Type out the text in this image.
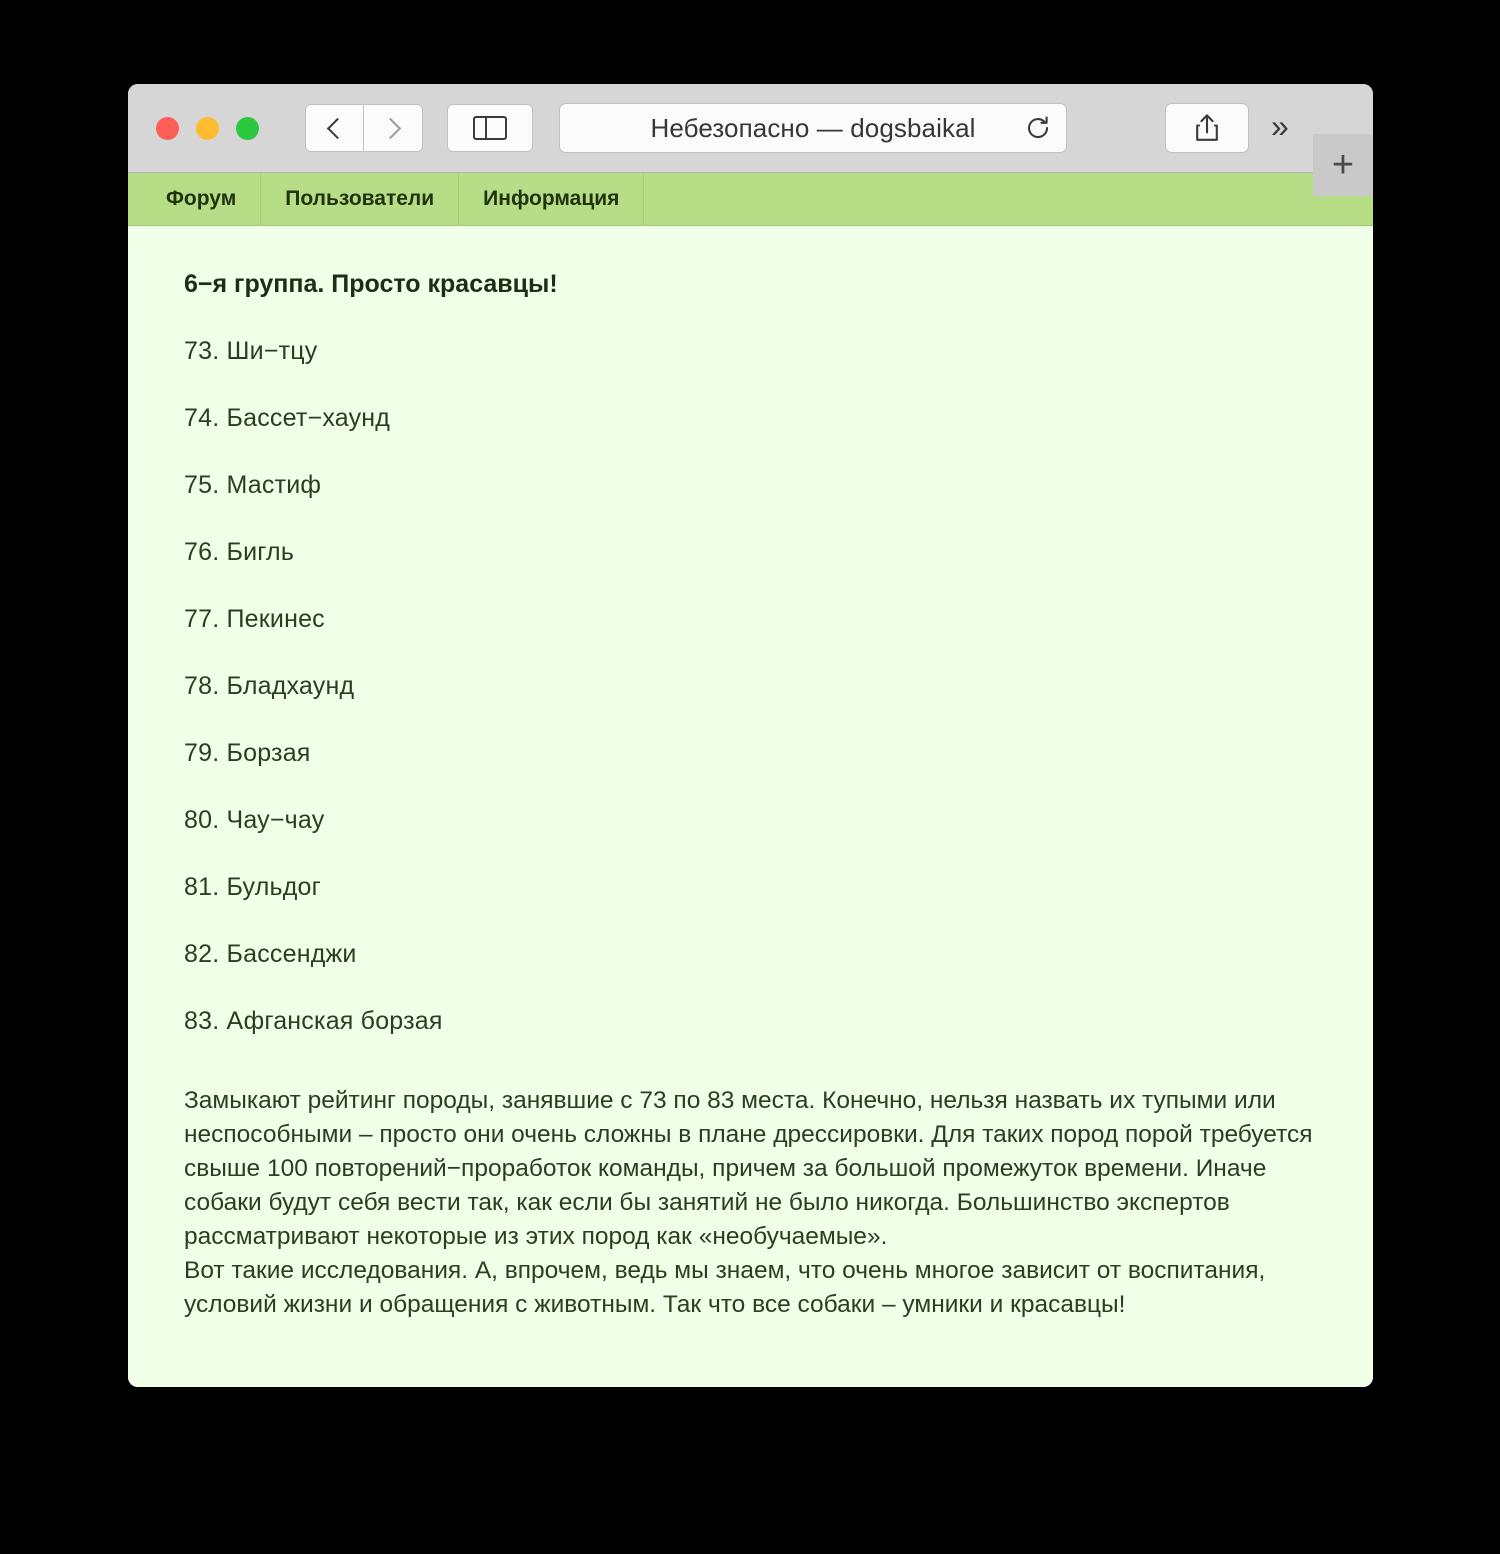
Небезопасно — dogsbaikal	»
+
Форум	Пользователи	Информация
6−я группа. Просто красавцы!
73. Ши−тцу
74. Бассет−хаунд
75. Мастиф
76. Бигль
77. Пекинес
78. Бладхаунд
79. Борзая
80. Чау−чау
81. Бульдог
82. Бассенджи
83. Афганская борзая

Замыкают рейтинг породы, занявшие с 73 по 83 места. Конечно, нельзя назвать их тупыми или неспособными – просто они очень сложны в плане дрессировки. Для таких пород порой требуется свыше 100 повторений−проработок команды, причем за большой промежуток времени. Иначе собаки будут себя вести так, как если бы занятий не было никогда. Большинство экспертов рассматривают некоторые из этих пород как «необучаемые».

Вот такие исследования. А, впрочем, ведь мы знаем, что очень многое зависит от воспитания, условий жизни и обращения с животным. Так что все собаки – умники и красавцы!
